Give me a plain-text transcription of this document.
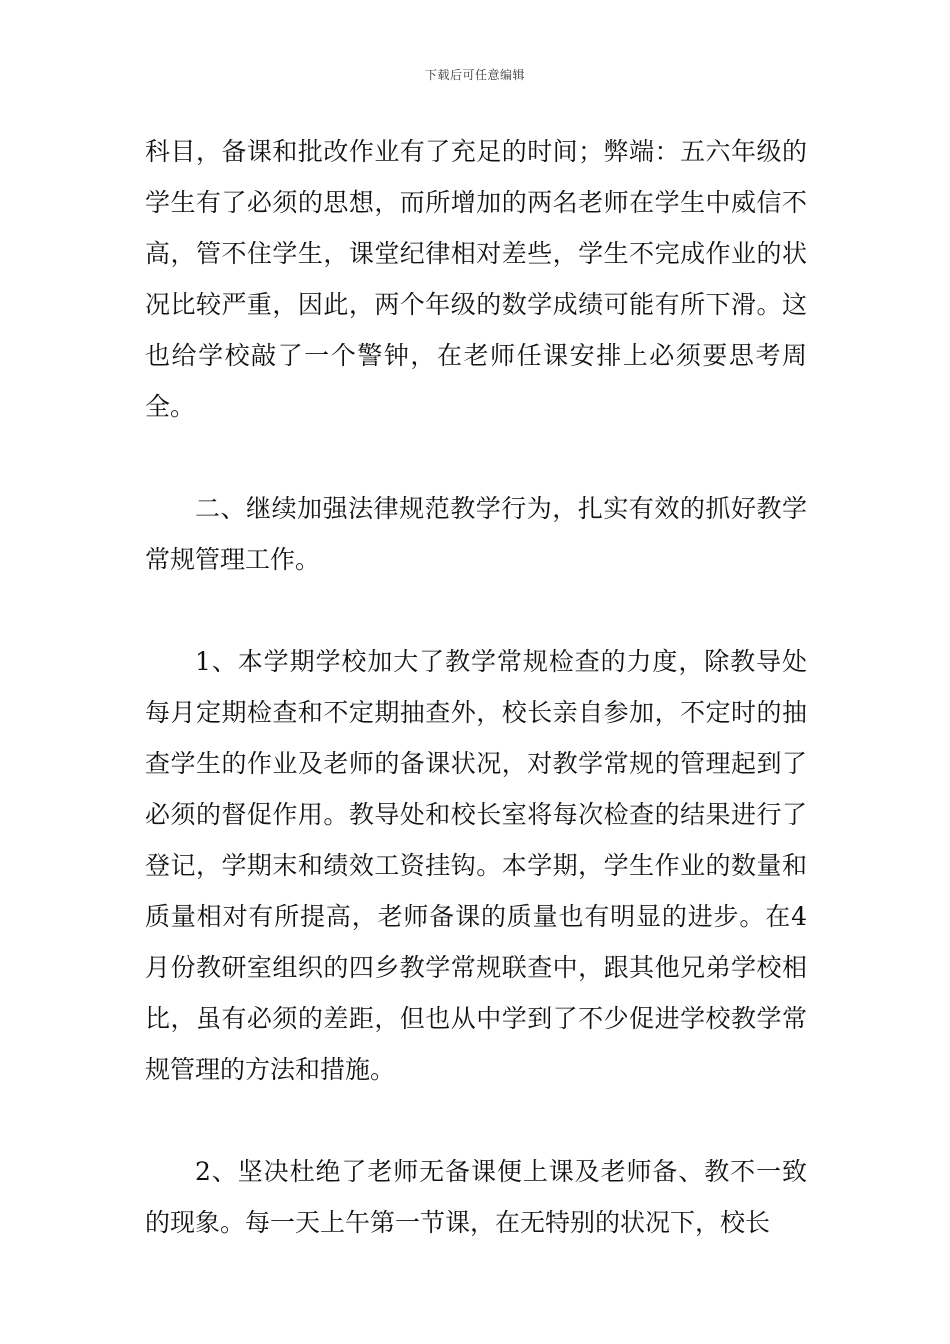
下载后可任意编辑

科目，备课和批改作业有了充足的时间；弊端：五六年级的学生有了必须的思想，而所增加的两名老师在学生中威信不高，管不住学生，课堂纪律相对差些，学生不完成作业的状况比较严重，因此，两个年级的数学成绩可能有所下滑。这也给学校敲了一个警钟，在老师任课安排上必须要思考周全。

二、继续加强法律规范教学行为，扎实有效的抓好教学常规管理工作。

1、本学期学校加大了教学常规检查的力度，除教导处每月定期检查和不定期抽查外，校长亲自参加，不定时的抽查学生的作业及老师的备课状况，对教学常规的管理起到了必须的督促作用。教导处和校长室将每次检查的结果进行了登记，学期末和绩效工资挂钩。本学期，学生作业的数量和质量相对有所提高，老师备课的质量也有明显的进步。在4月份教研室组织的四乡教学常规联查中，跟其他兄弟学校相比，虽有必须的差距，但也从中学到了不少促进学校教学常规管理的方法和措施。

2、坚决杜绝了老师无备课便上课及老师备、教不一致的现象。每一天上午第一节课，在无特别的状况下，校长
